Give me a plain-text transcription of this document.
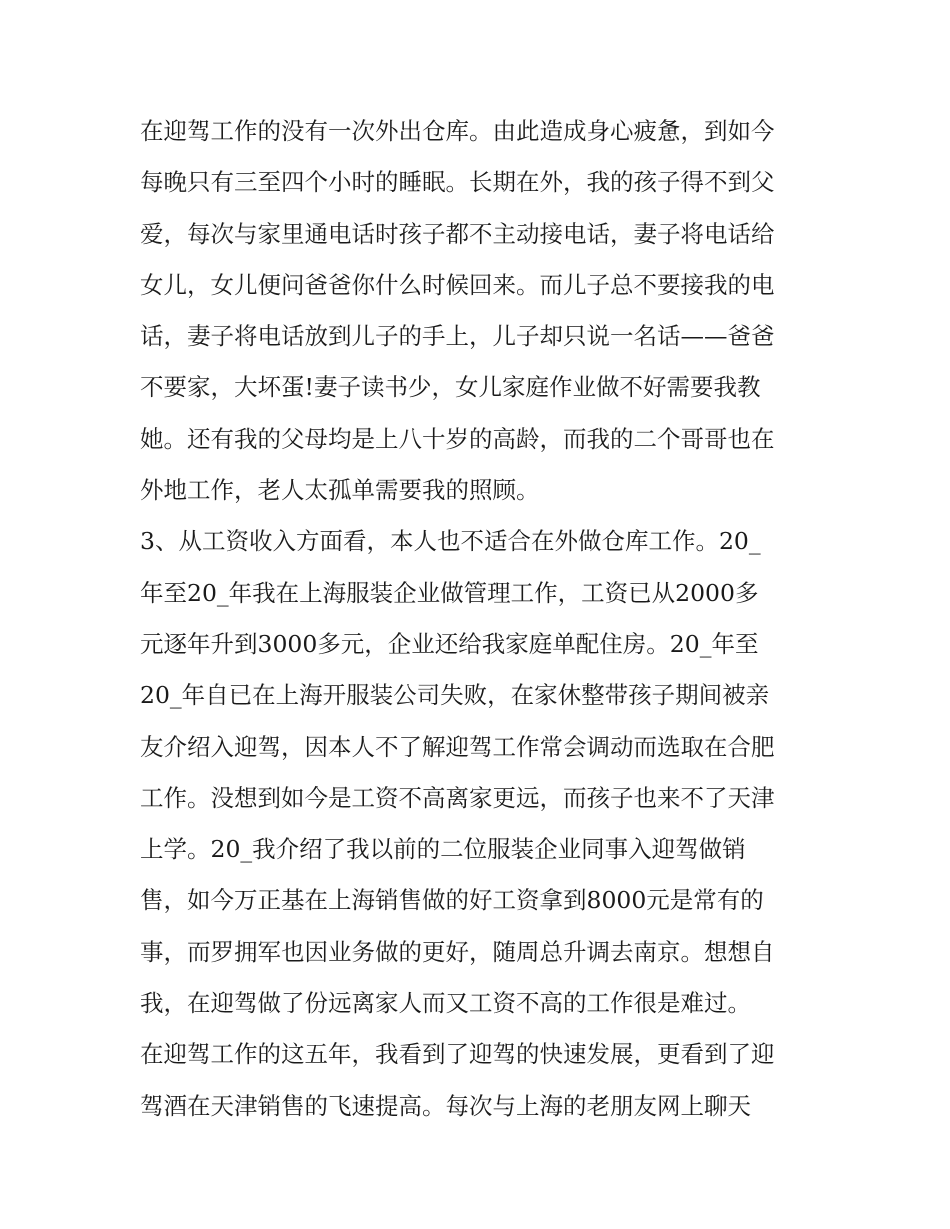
在迎驾工作的没有一次外出仓库。由此造成身心疲惫，到如今
每晚只有三至四个小时的睡眠。长期在外，我的孩子得不到父
爱，每次与家里通电话时孩子都不主动接电话，妻子将电话给
女儿，女儿便问爸爸你什么时候回来。而儿子总不要接我的电
话，妻子将电话放到儿子的手上，儿子却只说一名话——爸爸
不要家，大坏蛋!妻子读书少，女儿家庭作业做不好需要我教
她。还有我的父母均是上八十岁的高龄，而我的二个哥哥也在
外地工作，老人太孤单需要我的照顾。
3、从工资收入方面看，本人也不适合在外做仓库工作。20_
年至20_年我在上海服装企业做管理工作，工资已从2000多
元逐年升到3000多元，企业还给我家庭单配住房。20_年至
20_年自已在上海开服装公司失败，在家休整带孩子期间被亲
友介绍入迎驾，因本人不了解迎驾工作常会调动而选取在合肥
工作。没想到如今是工资不高离家更远，而孩子也来不了天津
上学。20_我介绍了我以前的二位服装企业同事入迎驾做销
售，如今万正基在上海销售做的好工资拿到8000元是常有的
事，而罗拥军也因业务做的更好，随周总升调去南京。想想自
我，在迎驾做了份远离家人而又工资不高的工作很是难过。
在迎驾工作的这五年，我看到了迎驾的快速发展，更看到了迎
驾酒在天津销售的飞速提高。每次与上海的老朋友网上聊天
